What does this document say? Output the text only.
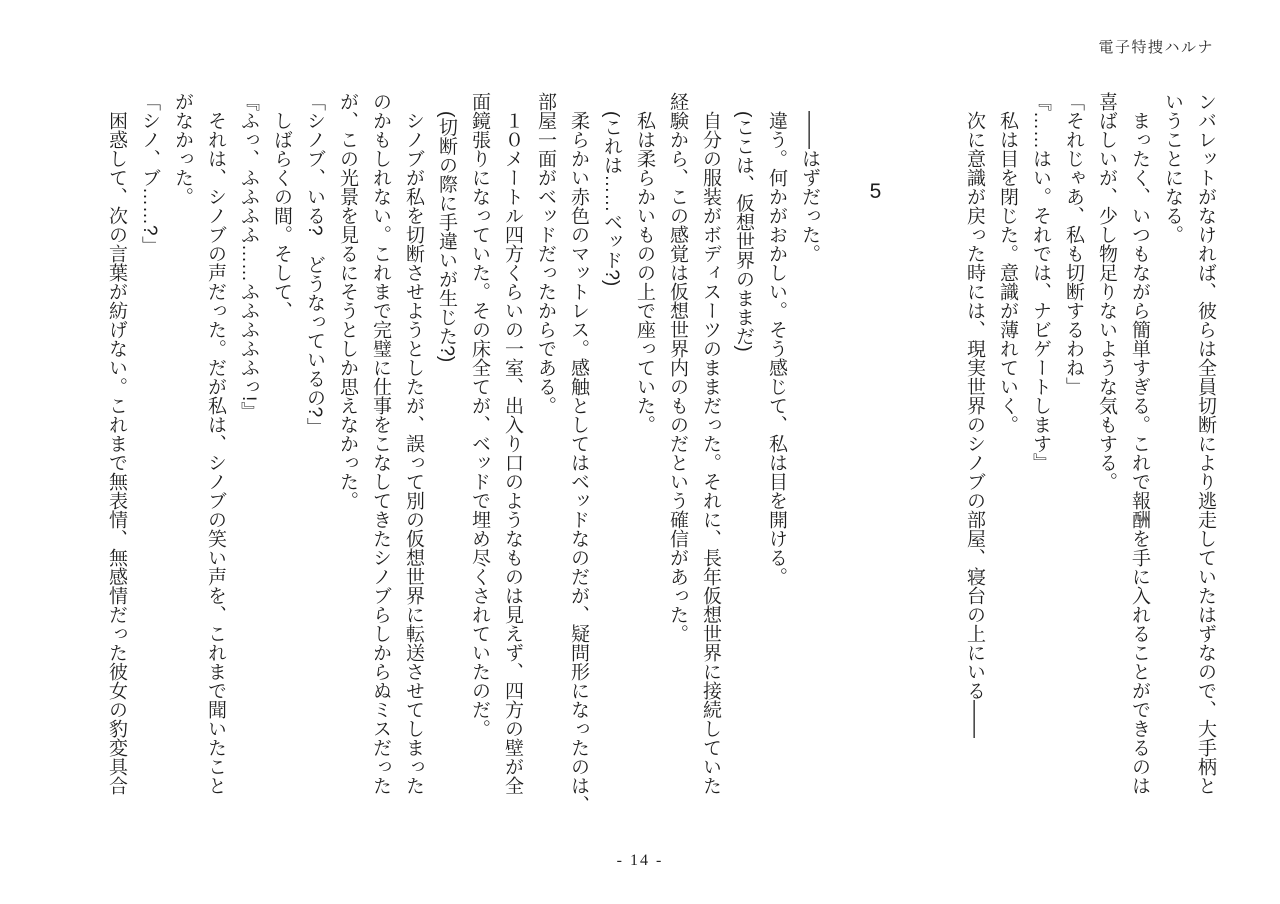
電子特捜ハルナ
ンバレットがなければ、彼らは全員切断により逃走していたはずなので、大手柄と
いうことになる。
まったく、いつもながら簡単すぎる。これで報酬を手に入れることができるのは
喜ばしいが、少し物足りないような気もする。
「それじゃあ、私も切断するわね」
『……はい。それでは、ナビゲートします』
私は目を閉じた。意識が薄れていく。
次に意識が戻った時には、現実世界のシノブの部屋、寝台の上にいる――

5

――はずだった。
違う。何かがおかしい。そう感じて、私は目を開ける。
(ここは、仮想世界のままだ)
自分の服装がボディスーツのままだった。それに、長年仮想世界に接続していた
経験から、この感覚は仮想世界内のものだという確信があった。
私は柔らかいものの上で座っていた。
(これは……ベッド?)
柔らかい赤色のマットレス。感触としてはベッドなのだが、疑問形になったのは、
部屋一面がベッドだったからである。
１０メートル四方くらいの一室、出入り口のようなものは見えず、四方の壁が全
面鏡張りになっていた。その床全てが、ベッドで埋め尽くされていたのだ。
(切断の際に手違いが生じた?)
シノブが私を切断させようとしたが、誤って別の仮想世界に転送させてしまった
のかもしれない。これまで完璧に仕事をこなしてきたシノブらしからぬミスだった
が、この光景を見るにそうとしか思えなかった。
「シノブ、いる?　どうなっているの?」
しばらくの間。そして、
『ふっ、ふふふふ……ふふふふふっ!』
それは、シノブの声だった。だが私は、シノブの笑い声を、これまで聞いたこと
がなかった。
「シノ、ブ……?」
困惑して、次の言葉が紡げない。これまで無表情、無感情だった彼女の豹変具合
- 14 -
